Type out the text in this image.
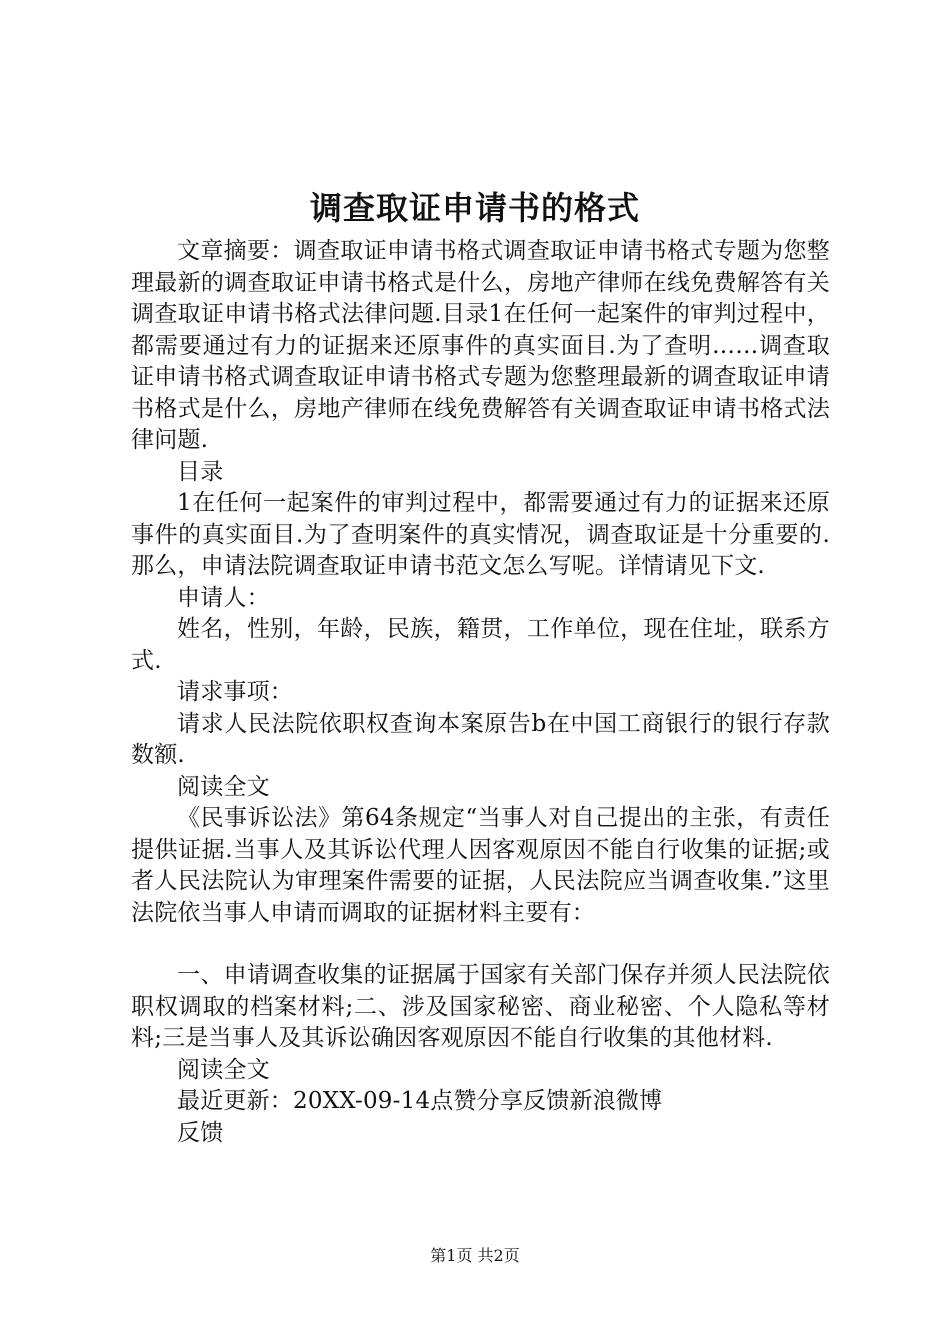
调查取证申请书的格式

文章摘要：调查取证申请书格式调查取证申请书格式专题为您整理最新的调查取证申请书格式是什么，房地产律师在线免费解答有关调查取证申请书格式法律问题.目录1在任何一起案件的审判过程中，都需要通过有力的证据来还原事件的真实面目.为了查明……调查取证申请书格式调查取证申请书格式专题为您整理最新的调查取证申请书格式是什么，房地产律师在线免费解答有关调查取证申请书格式法律问题.

目录

1在任何一起案件的审判过程中，都需要通过有力的证据来还原事件的真实面目.为了查明案件的真实情况，调查取证是十分重要的.那么，申请法院调查取证申请书范文怎么写呢。详情请见下文.

申请人：

姓名，性别，年龄，民族，籍贯，工作单位，现在住址，联系方式.

请求事项：

请求人民法院依职权查询本案原告b在中国工商银行的银行存款数额.

阅读全文

《民事诉讼法》第64条规定“当事人对自己提出的主张，有责任提供证据.当事人及其诉讼代理人因客观原因不能自行收集的证据;或者人民法院认为审理案件需要的证据，人民法院应当调查收集.”这里法院依当事人申请而调取的证据材料主要有：

一、申请调查收集的证据属于国家有关部门保存并须人民法院依职权调取的档案材料;二、涉及国家秘密、商业秘密、个人隐私等材料;三是当事人及其诉讼确因客观原因不能自行收集的其他材料.

阅读全文

最近更新：20XX-09-14点赞分享反馈新浪微博

反馈

第1页 共2页
